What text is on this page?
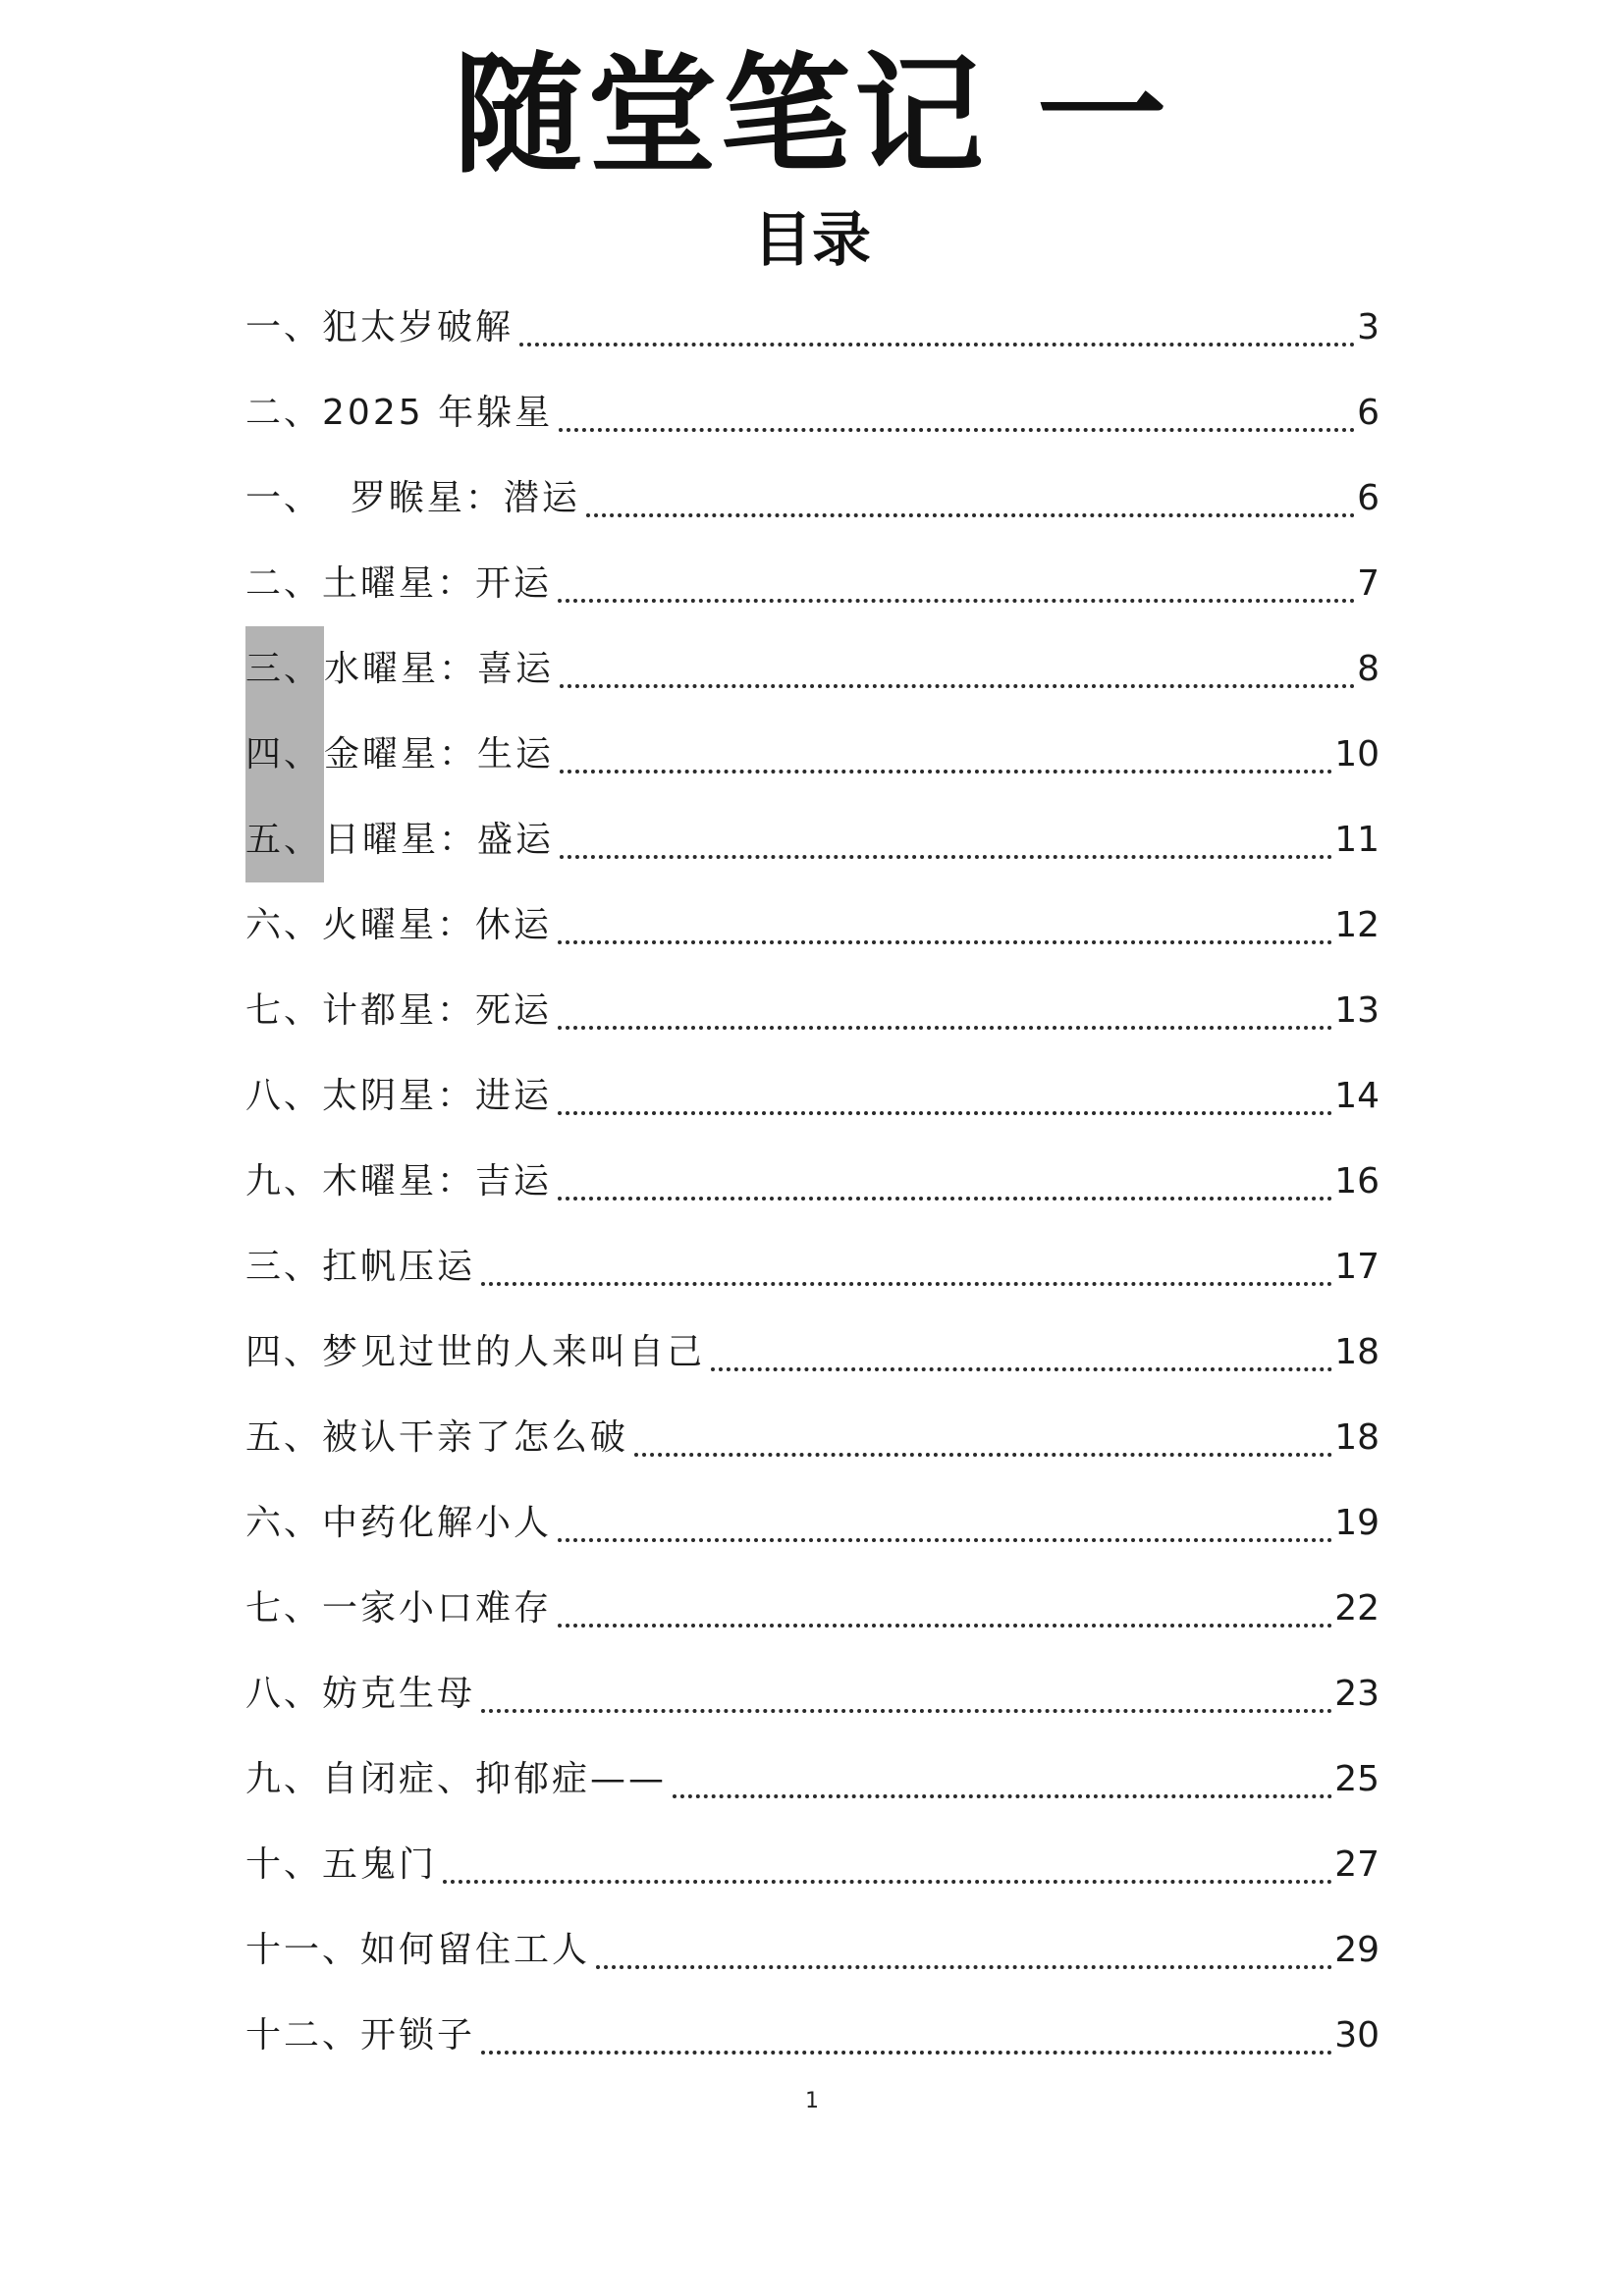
随堂笔记 一
目录
一、犯太岁破解	3
二、2025 年躲星	6
一、  罗睺星：潜运	6
二、土曜星：开运	7
三、水曜星：喜运	8
四、金曜星：生运	10
五、日曜星：盛运	11
六、火曜星：休运	12
七、计都星：死运	13
八、太阴星：进运	14
九、木曜星：吉运	16
三、扛帆压运	17
四、梦见过世的人来叫自己	18
五、被认干亲了怎么破	18
六、中药化解小人	19
七、一家小口难存	22
八、妨克生母	23
九、自闭症、抑郁症——	25
十、五鬼门	27
十一、如何留住工人	29
十二、开锁子	30
1
